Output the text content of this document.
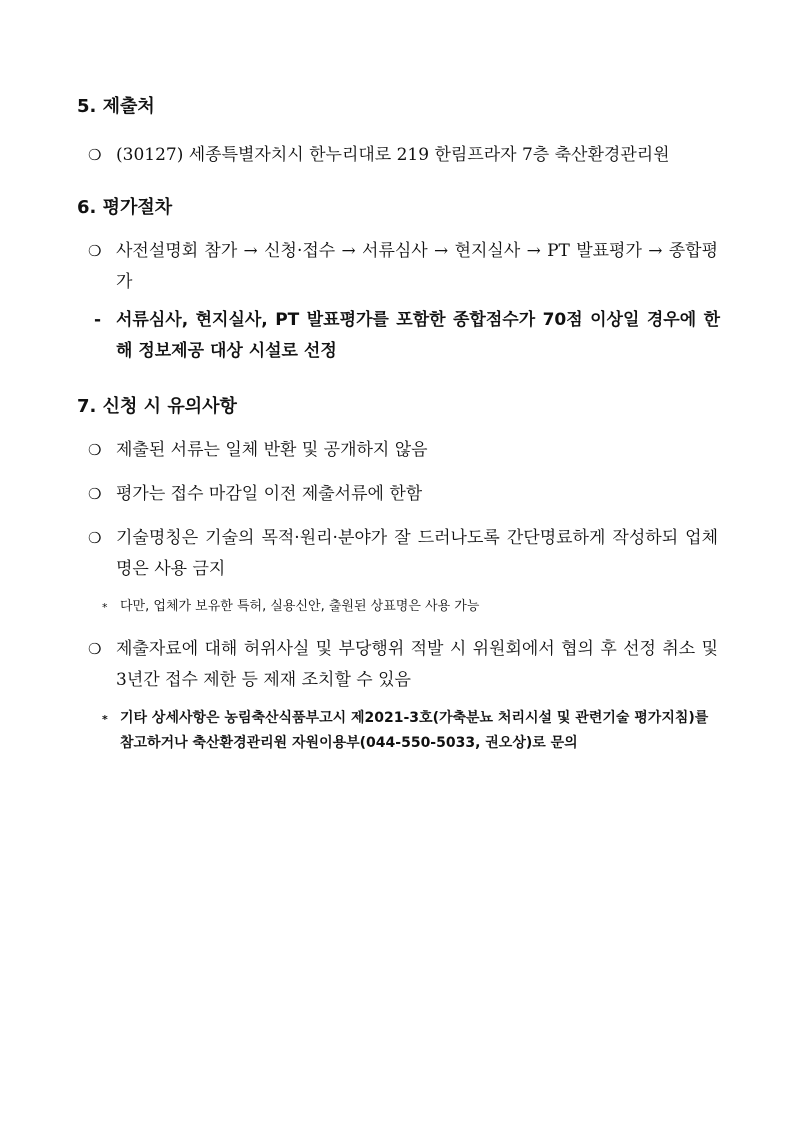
5. 제출처
❍ (30127) 세종특별자치시 한누리대로 219 한림프라자 7층 축산환경관리원
6. 평가절차
❍ 사전설명회 참가 → 신청·접수 → 서류심사 → 현지실사 → PT 발표평가 → 종합평가
- 서류심사, 현지실사, PT 발표평가를 포함한 종합점수가 70점 이상일 경우에 한해 정보제공 대상 시설로 선정
7. 신청 시 유의사항
❍ 제출된 서류는 일체 반환 및 공개하지 않음
❍ 평가는 접수 마감일 이전 제출서류에 한함
❍ 기술명칭은 기술의 목적·원리·분야가 잘 드러나도록 간단명료하게 작성하되 업체명은 사용 금지
* 다만, 업체가 보유한 특허, 실용신안, 출원된 상표명은 사용 가능
❍ 제출자료에 대해 허위사실 및 부당행위 적발 시 위원회에서 협의 후 선정 취소 및 3년간 접수 제한 등 제재 조치할 수 있음
* 기타 상세사항은 농림축산식품부고시 제2021-3호(가축분뇨 처리시설 및 관련기술 평가지침)를 참고하거나 축산환경관리원 자원이용부(044-550-5033, 권오상)로 문의
